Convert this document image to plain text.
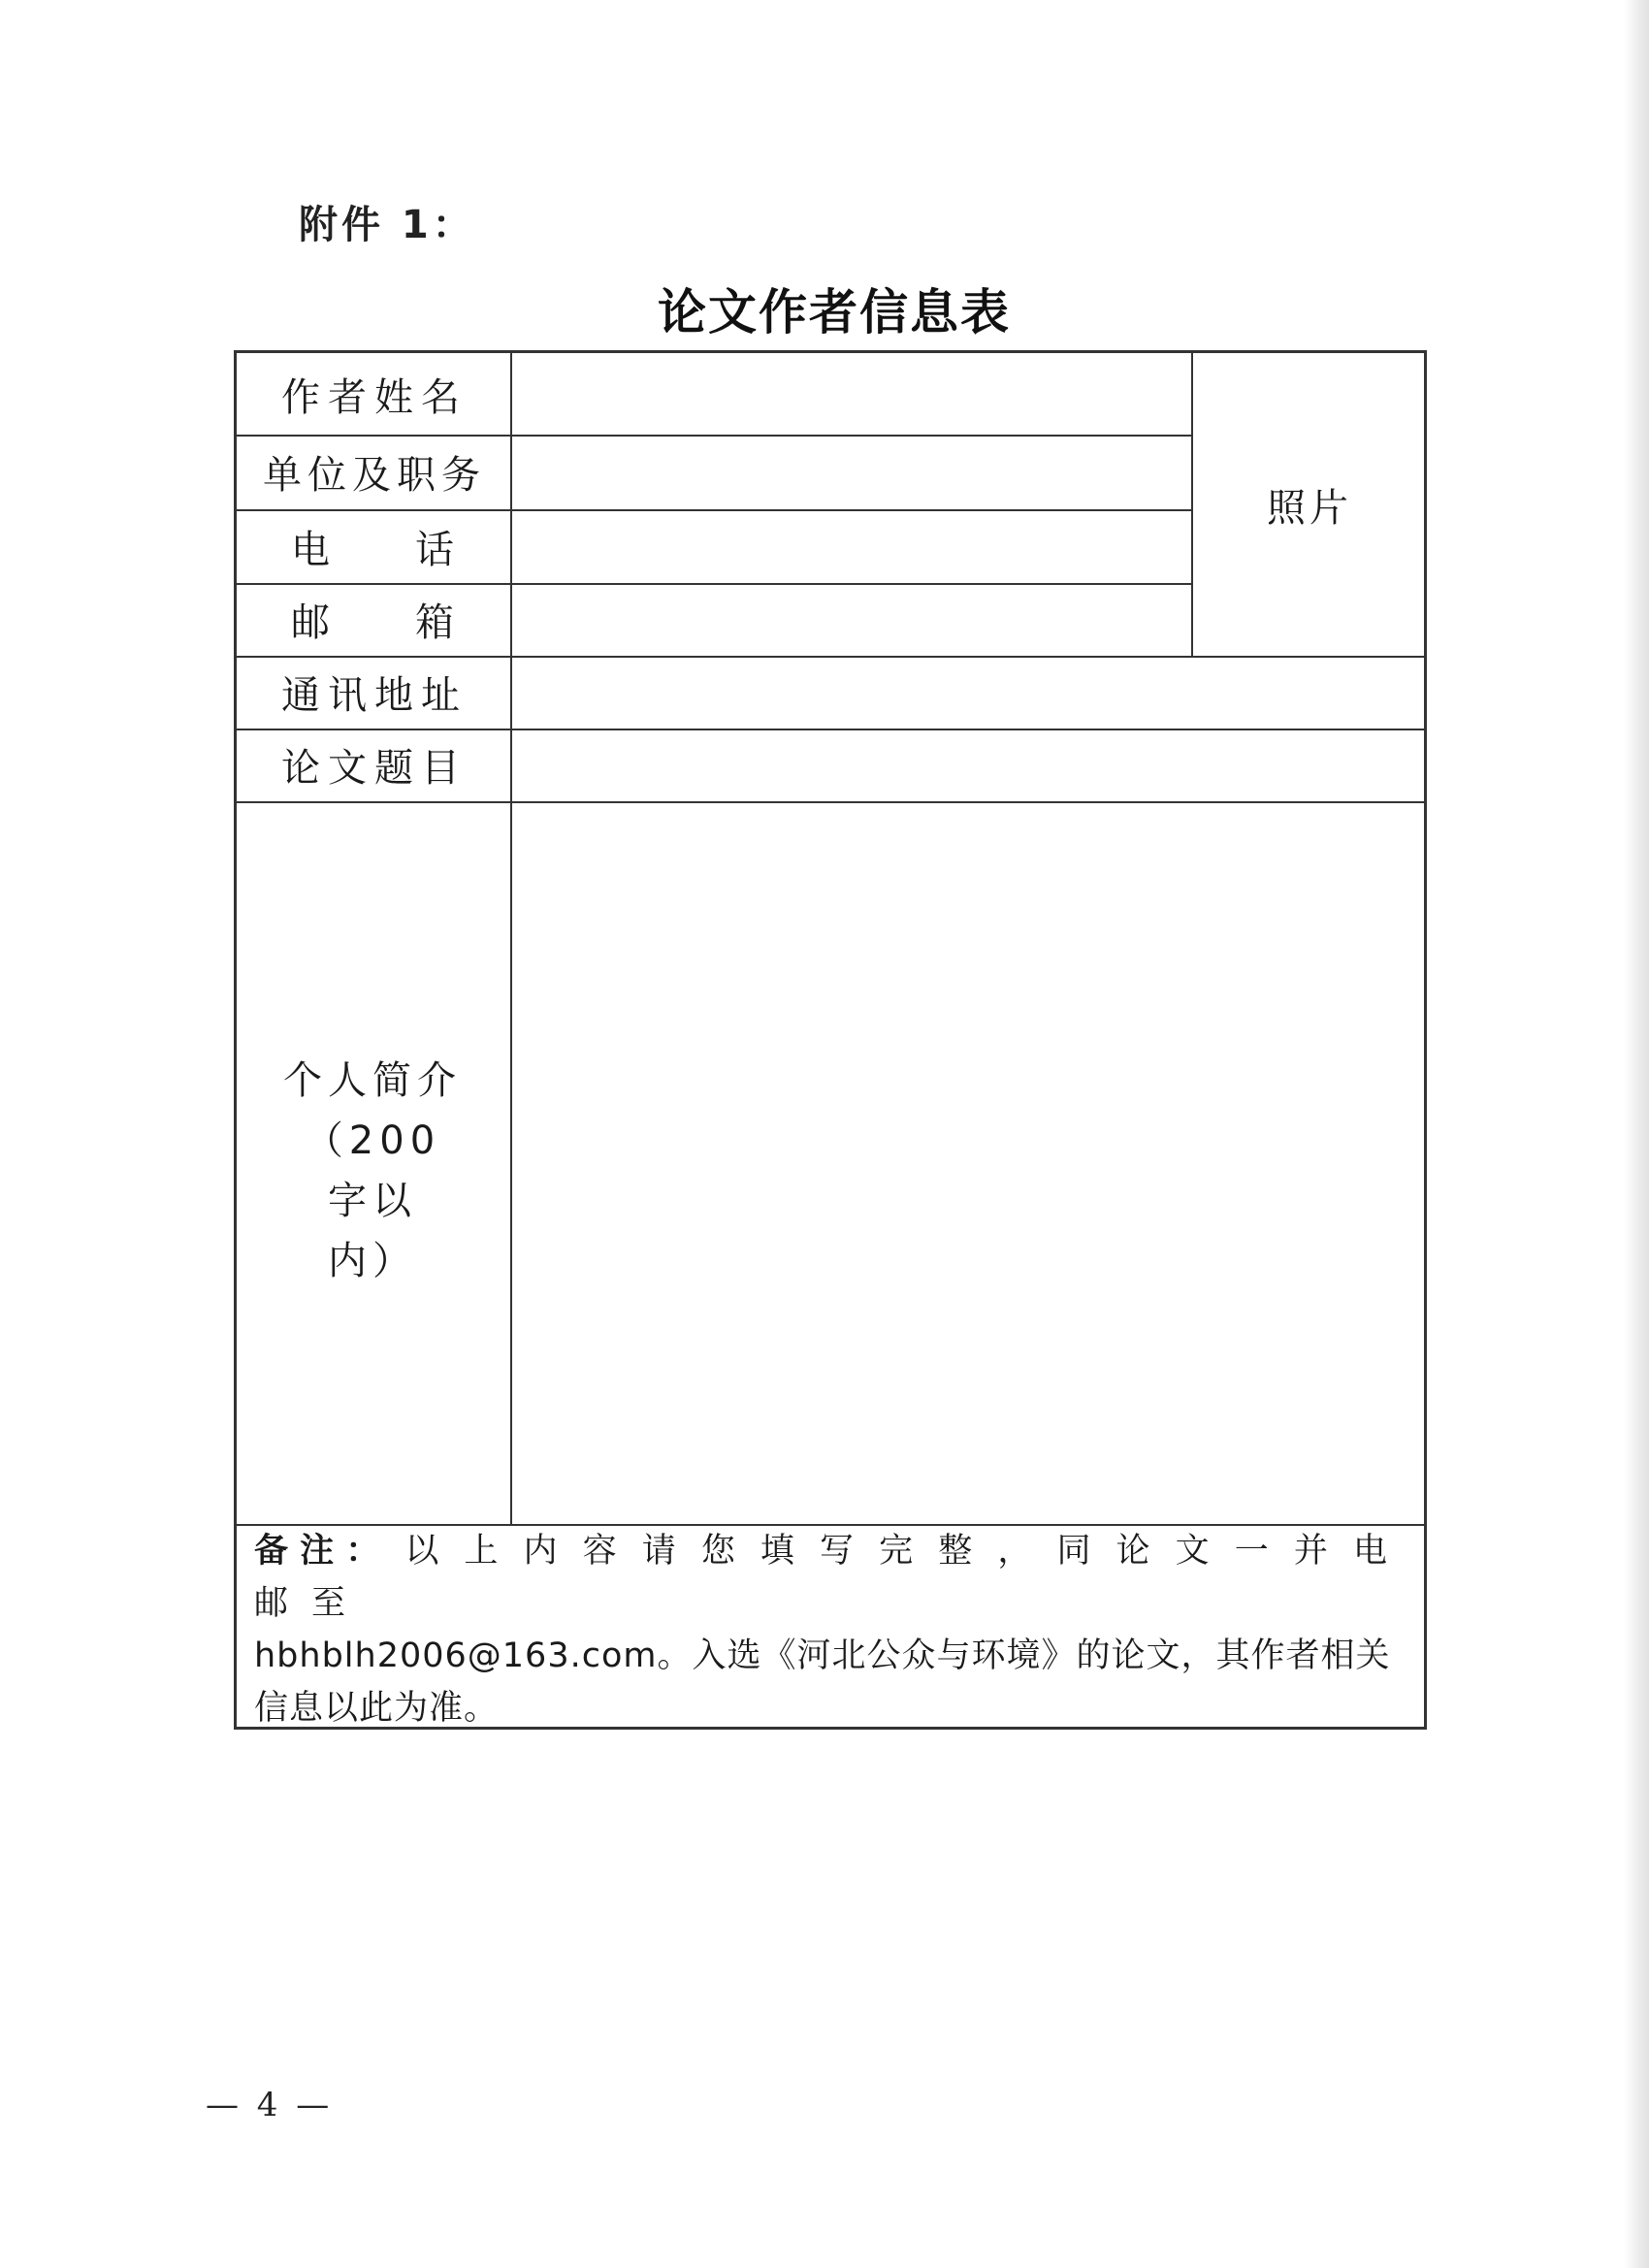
附件 1：
论文作者信息表
作者姓名
单位及职务
电 话
邮 箱
照片
通讯地址
论文题目
个人简介
（200 字以
内）
备注： 以上内容请您填写完整，同论文一并电邮至
hbhblh2006@163.com。入选《河北公众与环境》的论文，其作者相关
信息以此为准。
— 4 —
